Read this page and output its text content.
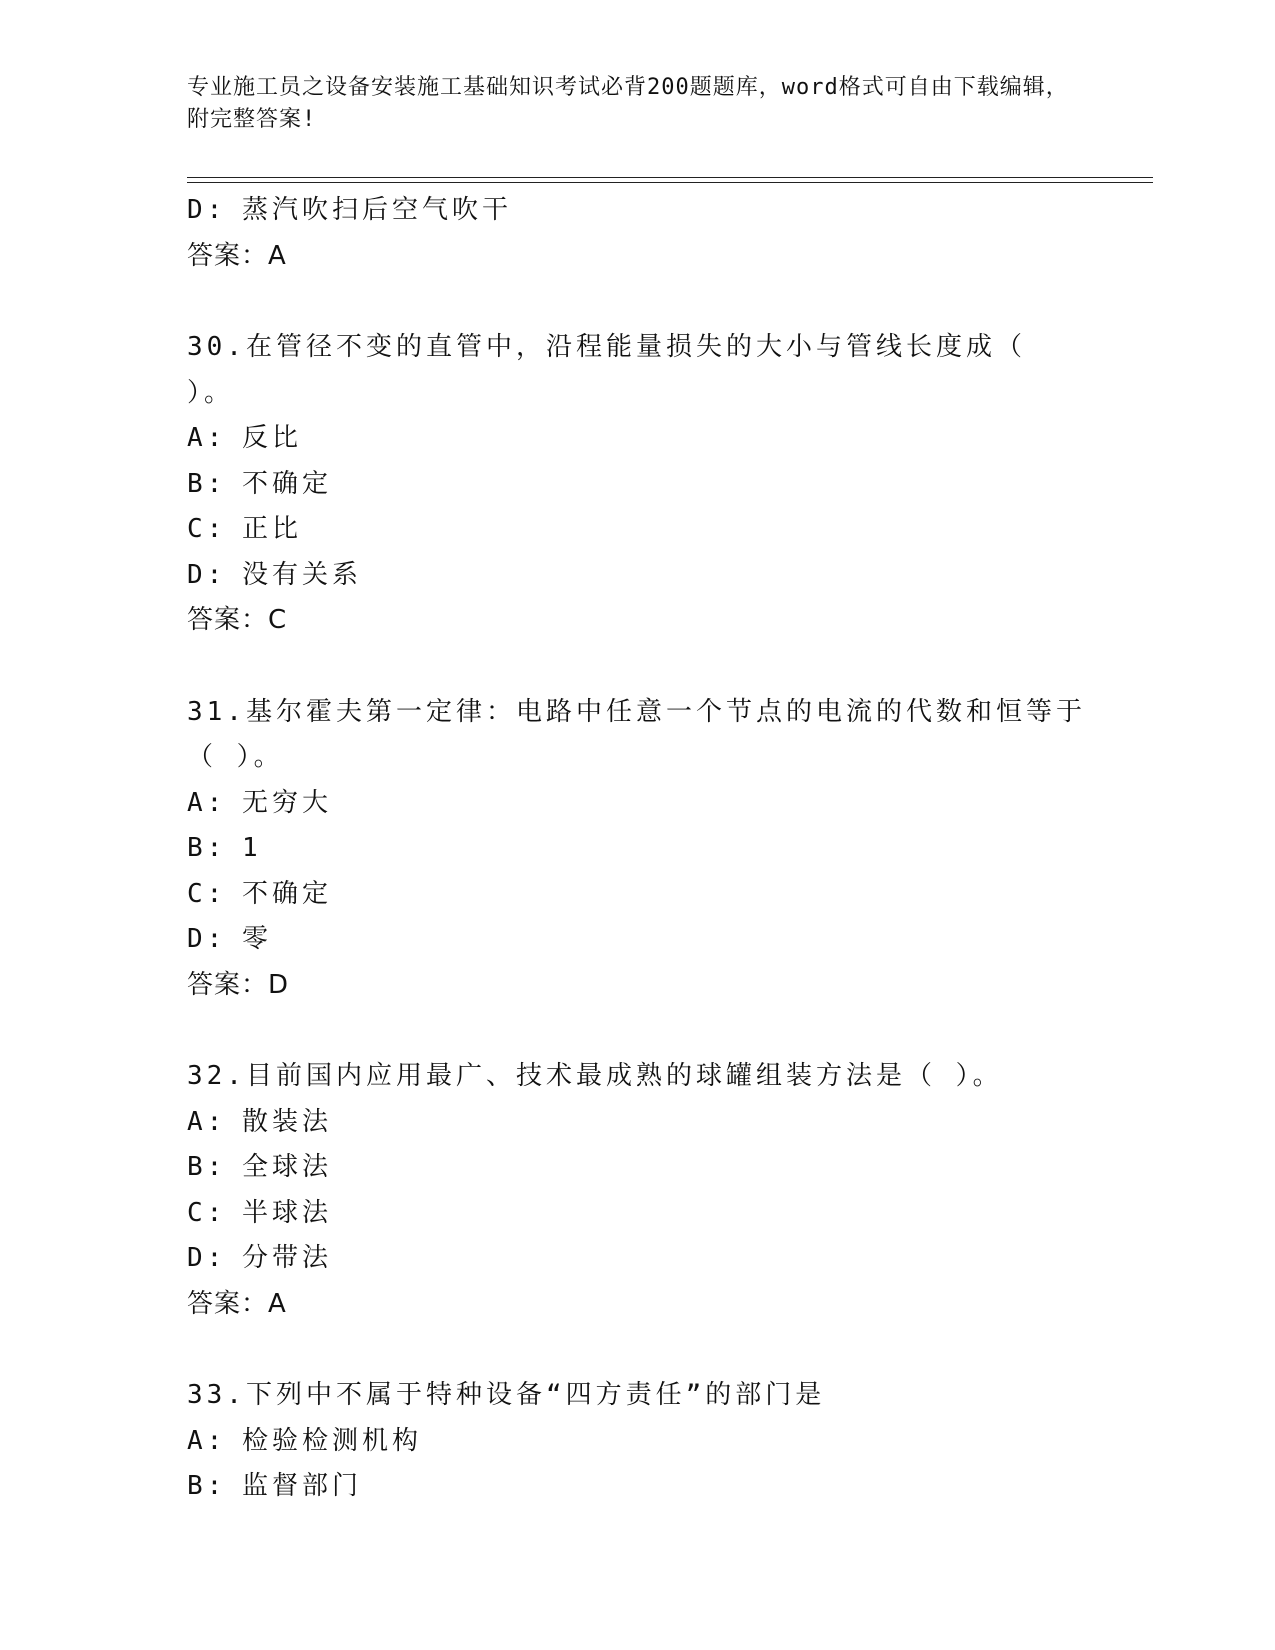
专业施工员之设备安装施工基础知识考试必背200题题库，word格式可自由下载编辑，附完整答案!
D: 蒸汽吹扫后空气吹干
答案：A
30.在管径不变的直管中，沿程能量损失的大小与管线长度成（ ）。
A: 反比
B: 不确定
C: 正比
D: 没有关系
答案：C
31.基尔霍夫第一定律：电路中任意一个节点的电流的代数和恒等于（ ）。
A: 无穷大
B: 1
C: 不确定
D: 零
答案：D
32.目前国内应用最广、技术最成熟的球罐组装方法是（ ）。
A: 散装法
B: 全球法
C: 半球法
D: 分带法
答案：A
33.下列中不属于特种设备“四方责任”的部门是
A: 检验检测机构
B: 监督部门
